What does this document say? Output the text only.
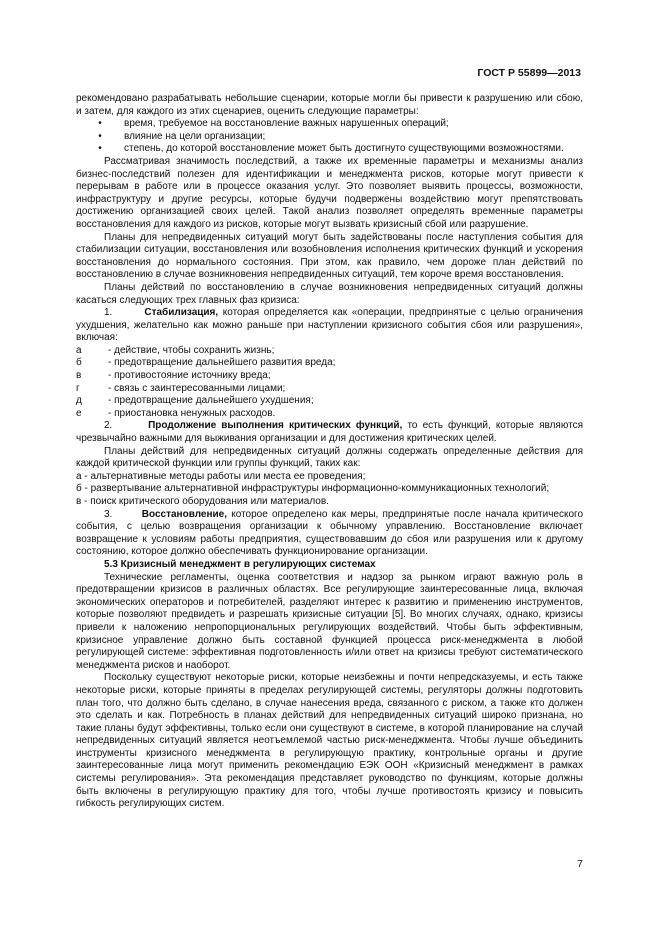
ГОСТ Р 55899—2013

рекомендовано разрабатывать небольшие сценарии, которые могли бы привести к разрушению или сбою, и затем, для каждого из этих сценариев, оценить следующие параметры:

•	время, требуемое на восстановление важных нарушенных операций;
•	влияние на цели организации;
•	степень, до которой восстановление может быть достигнуто существующими возможностями.

Рассматривая значимость последствий, а также их временные параметры и механизмы анализ бизнес-последствий полезен для идентификации и менеджмента рисков, которые могут привести к перерывам в работе или в процессе оказания услуг. Это позволяет выявить процессы, возможности, инфраструктуру и другие ресурсы, которые будучи подвержены воздействию могут препятствовать достижению организацией своих целей. Такой анализ позволяет определять временные параметры восстановления для каждого из рисков, которые могут вызвать кризисный сбой или разрушение.

Планы для непредвиденных ситуаций могут быть задействованы после наступления события для стабилизации ситуации, восстановления или возобновления исполнения критических функций и ускорения восстановления до нормального состояния. При этом, как правило, чем дороже план действий по восстановлению в случае возникновения непредвиденных ситуаций, тем короче время восстановления.

Планы действий по восстановлению в случае возникновения непредвиденных ситуаций должны касаться следующих трех главных фаз кризиса:

1.	Стабилизация, которая определяется как «операции, предпринятые с целью ограничения ухудшения, желательно как можно раньше при наступлении кризисного события сбоя или разрушения», включая:

а	- действие, чтобы сохранить жизнь;
б	- предотвращение дальнейшего развития вреда;
в	- противостояние источнику вреда;
г	- связь с заинтересованными лицами;
д	- предотвращение дальнейшего ухудшения;
е	- приостановка ненужных расходов.

2.	Продолжение выполнения критических функций, то есть функций, которые являются чрезвычайно важными для выживания организации и для достижения критических целей.

Планы действий для непредвиденных ситуаций должны содержать определенные действия для каждой критической функции или группы функций, таких как:

а - альтернативные методы работы или места ее проведения;

б - развертывание альтернативной инфраструктуры информационно-коммуникационных технологий;

в - поиск критического оборудования или материалов.

3.	Восстановление, которое определено как меры, предпринятые после начала критического события, с целью возвращения организации к обычному управлению. Восстановление включает возвращение к условиям работы предприятия, существовавшим до сбоя или разрушения или к другому состоянию, которое должно обеспечивать функционирование организации.

5.3 Кризисный менеджмент в регулирующих системах

Технические регламенты, оценка соответствия и надзор за рынком играют важную роль в предотвращении кризисов в различных областях. Все регулирующие заинтересованные лица, включая экономических операторов и потребителей, разделяют интерес к развитию и применению инструментов, которые позволяют предвидеть и разрешать кризисные ситуации [5]. Во многих случаях, однако, кризисы привели к наложению непропорциональных регулирующих воздействий. Чтобы быть эффективным, кризисное управление должно быть составной функцией процесса риск-менеджмента в любой регулирующей системе: эффективная подготовленность и/или ответ на кризисы требуют систематического менеджмента рисков и наоборот.

Поскольку существуют некоторые риски, которые неизбежны и почти непредсказуемы, и есть также некоторые риски, которые приняты в пределах регулирующей системы, регуляторы должны подготовить план того, что должно быть сделано, в случае нанесения вреда, связанного с риском, а также кто должен это сделать и как. Потребность в планах действий для непредвиденных ситуаций широко признана, но такие планы будут эффективны, только если они существуют в системе, в которой планирование на случай непредвиденных ситуаций является неотъемлемой частью риск-менеджмента. Чтобы лучше объединить инструменты кризисного менеджмента в регулирующую практику, контрольные органы и другие заинтересованные лица могут применить рекомендацию ЕЭК ООН «Кризисный менеджмент в рамках системы регулирования». Эта рекомендация представляет руководство по функциям, которые должны быть включены в регулирующую практику для того, чтобы лучше противостоять кризису и повысить гибкость регулирующих систем.

7
